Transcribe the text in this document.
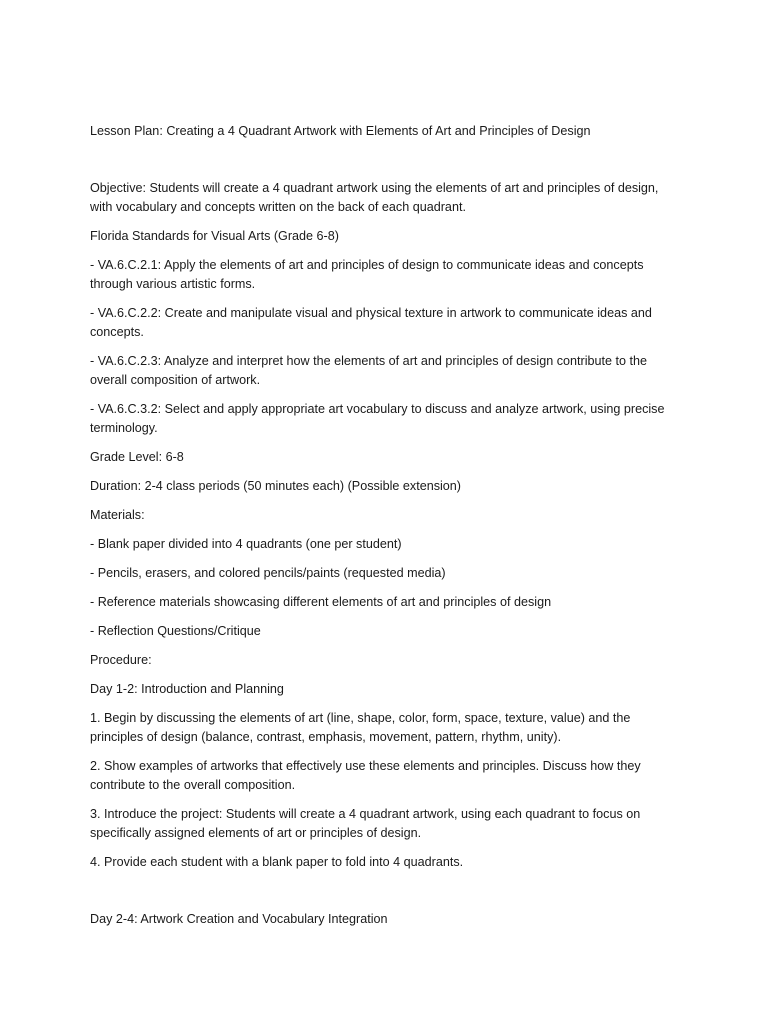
Lesson Plan: Creating a 4 Quadrant Artwork with Elements of Art and Principles of Design

Objective: Students will create a 4 quadrant artwork using the elements of art and principles of design, with vocabulary and concepts written on the back of each quadrant.

Florida Standards for Visual Arts (Grade 6-8)

- VA.6.C.2.1: Apply the elements of art and principles of design to communicate ideas and concepts through various artistic forms.

- VA.6.C.2.2: Create and manipulate visual and physical texture in artwork to communicate ideas and concepts.

- VA.6.C.2.3: Analyze and interpret how the elements of art and principles of design contribute to the overall composition of artwork.

- VA.6.C.3.2: Select and apply appropriate art vocabulary to discuss and analyze artwork, using precise terminology.

Grade Level: 6-8

Duration: 2-4 class periods (50 minutes each) (Possible extension)

Materials:

- Blank paper divided into 4 quadrants (one per student)

- Pencils, erasers, and colored pencils/paints (requested media)

- Reference materials showcasing different elements of art and principles of design

- Reflection Questions/Critique

Procedure:

Day 1-2: Introduction and Planning

1. Begin by discussing the elements of art (line, shape, color, form, space, texture, value) and the principles of design (balance, contrast, emphasis, movement, pattern, rhythm, unity).

2. Show examples of artworks that effectively use these elements and principles. Discuss how they contribute to the overall composition.

3. Introduce the project: Students will create a 4 quadrant artwork, using each quadrant to focus on specifically assigned elements of art or principles of design.

4. Provide each student with a blank paper to fold into 4 quadrants.

Day 2-4: Artwork Creation and Vocabulary Integration
